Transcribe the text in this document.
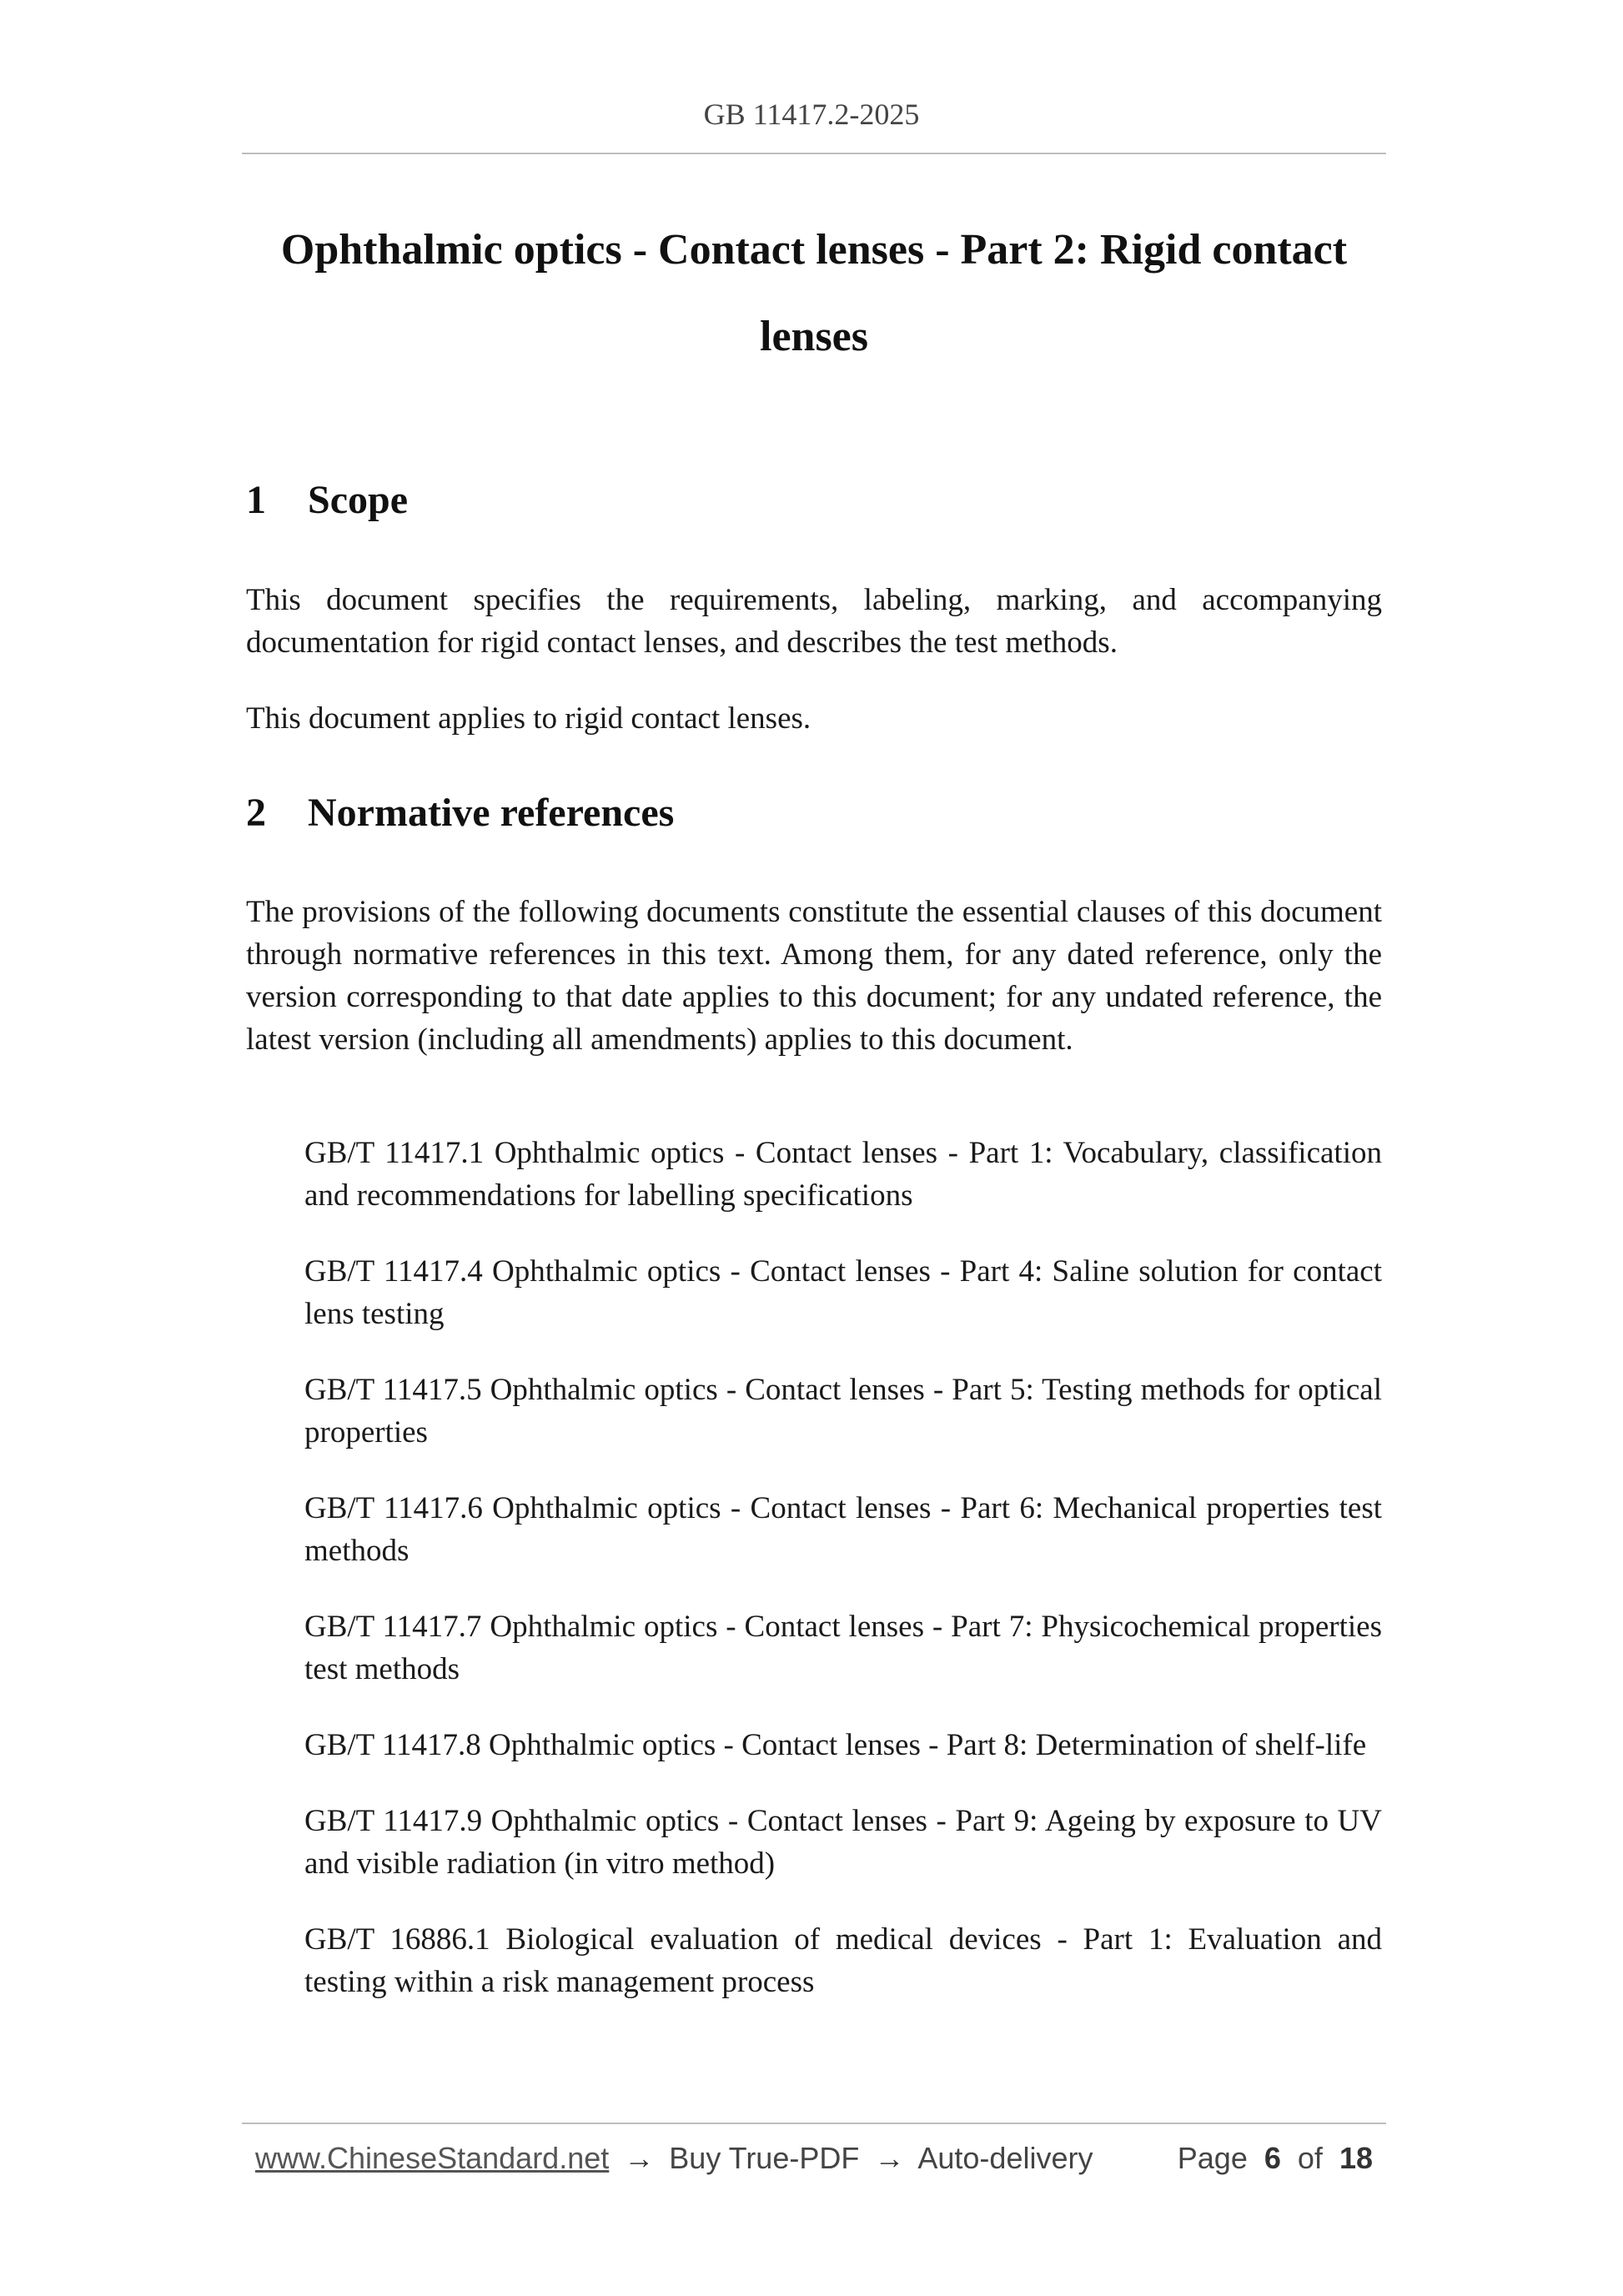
GB 11417.2-2025
Ophthalmic optics - Contact lenses - Part 2: Rigid contact lenses
1 Scope

This document specifies the requirements, labeling, marking, and accompanying documentation for rigid contact lenses, and describes the test methods.

This document applies to rigid contact lenses.

2 Normative references

The provisions of the following documents constitute the essential clauses of this document through normative references in this text. Among them, for any dated reference, only the version corresponding to that date applies to this document; for any undated reference, the latest version (including all amendments) applies to this document.

GB/T 11417.1 Ophthalmic optics - Contact lenses - Part 1: Vocabulary, classification and recommendations for labelling specifications

GB/T 11417.4 Ophthalmic optics - Contact lenses - Part 4: Saline solution for contact lens testing

GB/T 11417.5 Ophthalmic optics - Contact lenses - Part 5: Testing methods for optical properties

GB/T 11417.6 Ophthalmic optics - Contact lenses - Part 6: Mechanical properties test methods

GB/T 11417.7 Ophthalmic optics - Contact lenses - Part 7: Physicochemical properties test methods

GB/T 11417.8 Ophthalmic optics - Contact lenses - Part 8: Determination of shelf-life

GB/T 11417.9 Ophthalmic optics - Contact lenses - Part 9: Ageing by exposure to UV and visible radiation (in vitro method)

GB/T 16886.1 Biological evaluation of medical devices - Part 1: Evaluation and testing within a risk management process

www.ChineseStandard.net → Buy True-PDF → Auto-delivery	Page 6 of 18
